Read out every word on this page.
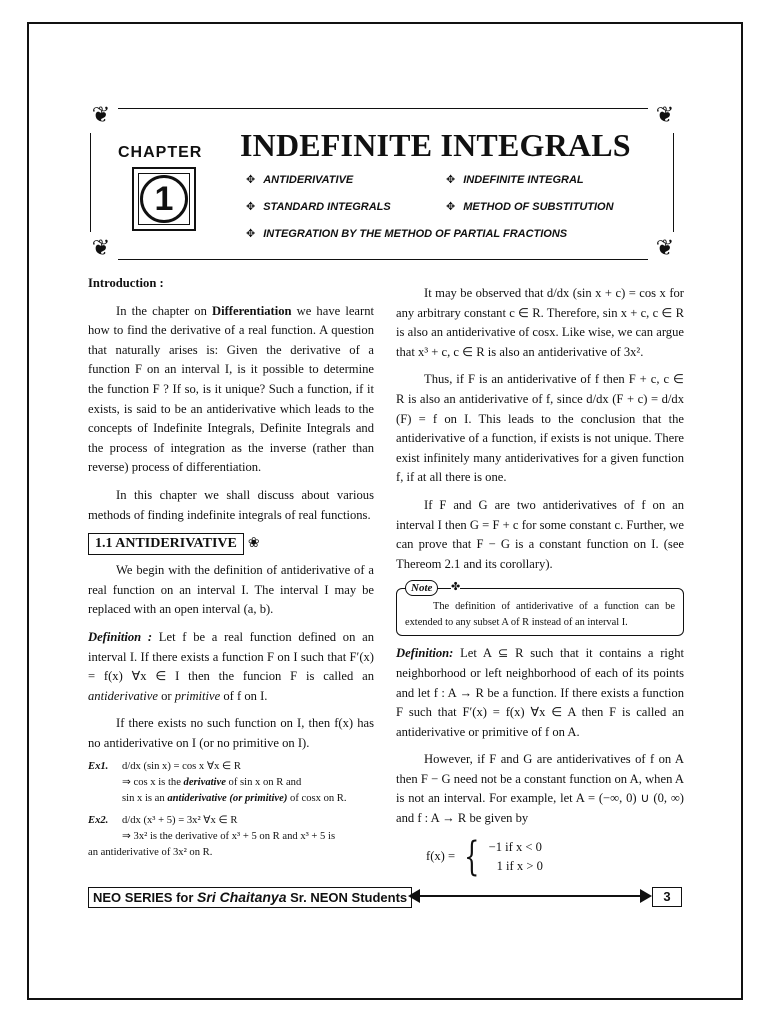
❦	❦
❦	❦
CHAPTER
1
INDEFINITE INTEGRALS
✥ ANTIDERIVATIVE	✥ INDEFINITE INTEGRAL
✥ STANDARD INTEGRALS	✥ METHOD OF SUBSTITUTION
✥ INTEGRATION BY THE METHOD OF PARTIAL FRACTIONS

Introduction :

In the chapter on Differentiation we have learnt how to find the derivative of a real function. A question that naturally arises is: Given the derivative of a function F on an interval I, is it possible to determine the function F ? If so, is it unique? Such a function, if it exists, is said to be an antiderivative which leads to the concepts of Indefinite Integrals, Definite Integrals and the process of integration as the inverse (rather than reverse) process of differentiation.

In this chapter we shall discuss about various methods of finding indefinite integrals of real functions.

1.1 ANTIDERIVATIVE ❀

We begin with the definition of antiderivative of a real function on an interval I. The interval I may be replaced with an open interval (a, b).

Definition : Let f be a real function defined on an interval I. If there exists a function F on I such that F′(x) = f(x) ∀x ∈ I then the funcion F is called an antiderivative or primitive of f on I.

If there exists no such function on I, then f(x) has no antiderivative on I (or no primitive on I).

Ex1. d/dx (sin x) = cos x ∀x ∈ R
⇒ cos x is the derivative of sin x on R and
sin x is an antiderivative (or primitive) of cosx on R.
Ex2. d/dx (x³ + 5) = 3x² ∀x ∈ R
⇒ 3x² is the derivative of x³ + 5 on R and x³ + 5 is
an antiderivative of 3x² on R.

It may be observed that d/dx (sin x + c) = cos x for any arbitrary constant c ∈ R. Therefore, sin x + c, c ∈ R is also an antiderivative of cosx. Like wise, we can argue that x³ + c, c ∈ R is also an antiderivative of 3x².

Thus, if F is an antiderivative of f then F + c, c ∈ R is also an antiderivative of f, since d/dx (F + c) = d/dx (F) = f on I. This leads to the conclusion that the antiderivative of a function, if exists is not unique. There exist infinitely many antiderivatives for a given function f, if at all there is one.

If F and G are two antiderivatives of f on an interval I then G = F + c for some constant c. Further, we can prove that F − G is a constant function on I. (see Thereom 2.1 and its corollary).

Note	✤
The definition of antiderivative of a function can be extended to any subset A of R instead of an interval I.

Definition: Let A ⊆ R such that it contains a right neighborhood or left neighborhood of each of its points and let f : A → R be a function. If there exists a function F such that F′(x) = f(x) ∀x ∈ A then F is called an antiderivative or primitive of f on A.

However, if F and G are antiderivatives of f on A then F − G need not be a constant function on A, when A is not an interval. For example, let A = (−∞, 0) ∪ (0, ∞) and f : A → R be given by

f(x) = { −1 if x < 0
1 if x > 0
NEO SERIES for Sri Chaitanya Sr. NEON Students	3
